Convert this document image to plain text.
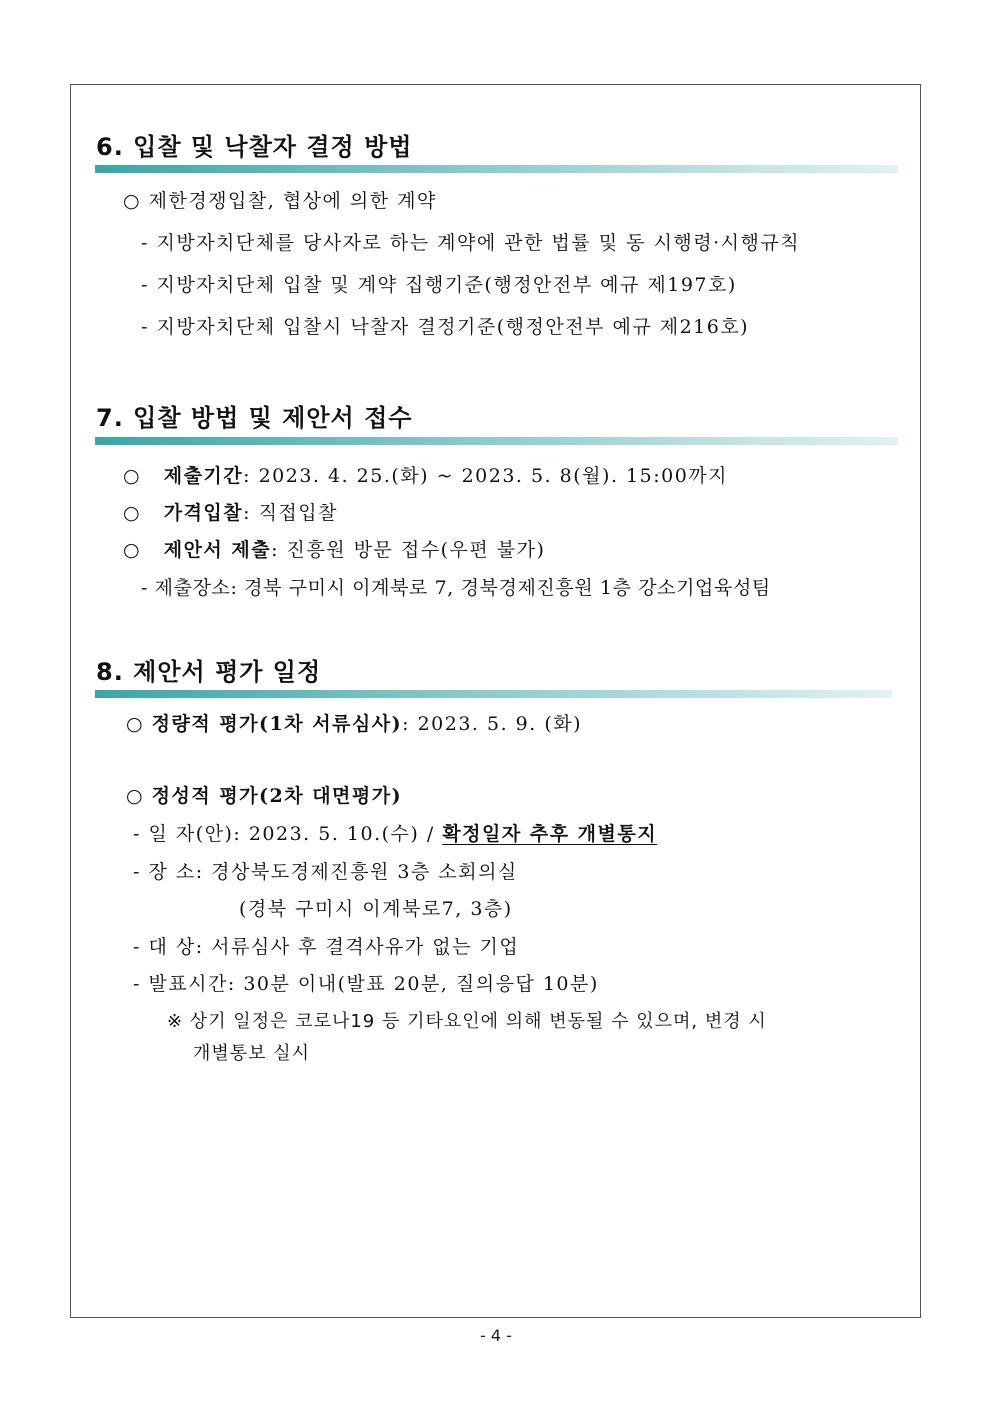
6. 입찰 및 낙찰자 결정 방법
○ 제한경쟁입찰, 협상에 의한 계약
- 지방자치단체를 당사자로 하는 계약에 관한 법률 및 동 시행령·시행규칙
- 지방자치단체 입찰 및 계약 집행기준(행정안전부 예규 제197호)
- 지방자치단체 입찰시 낙찰자 결정기준(행정안전부 예규 제216호)
7. 입찰 방법 및 제안서 접수
○ 제출기간: 2023. 4. 25.(화) ~ 2023. 5. 8(월). 15:00까지
○ 가격입찰: 직접입찰
○ 제안서 제출: 진흥원 방문 접수(우편 불가)
- 제출장소: 경북 구미시 이계북로 7, 경북경제진흥원 1층 강소기업육성팀
8. 제안서 평가 일정
○ 정량적 평가(1차 서류심사): 2023. 5. 9. (화)
○ 정성적 평가(2차 대면평가)
- 일 자(안): 2023. 5. 10.(수) / 확정일자 추후 개별통지
- 장 소: 경상북도경제진흥원 3층 소회의실
(경북 구미시 이계북로7, 3층)
- 대 상: 서류심사 후 결격사유가 없는 기업
- 발표시간: 30분 이내(발표 20분, 질의응답 10분)
※ 상기 일정은 코로나19 등 기타요인에 의해 변동될 수 있으며, 변경 시
개별통보 실시
- 4 -
